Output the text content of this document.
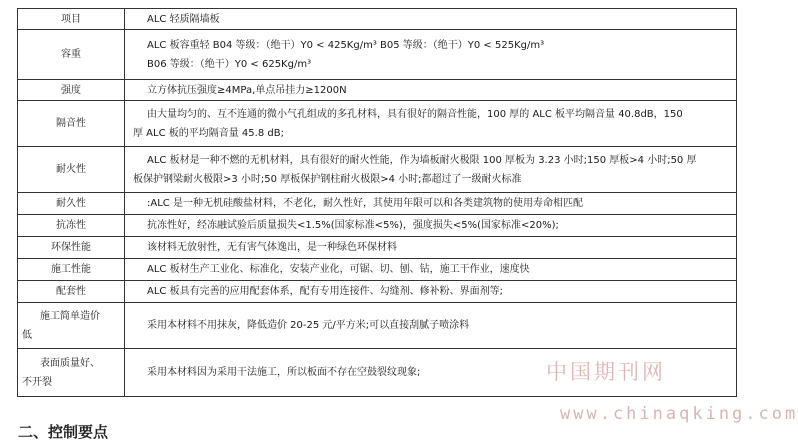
项目	ALC 轻质隔墙板
容重	ALC 板容重轻 B04 等级：（绝干）Y0 < 425Kg/m³ B05 等级：（绝干）Y0 < 525Kg/m³
B06 等级：（绝干）Y0 < 625Kg/m³

强度	立方体抗压强度≥4MPa,单点吊挂力≥1200N
隔音性	由大量均匀的、互不连通的微小气孔组成的多孔材料，具有很好的隔音性能，100 厚的 ALC 板平均隔音量 40.8dB，150
厚 ALC 板的平均隔音量 45.8 dB;

耐火性	ALC 板材是一种不燃的无机材料，具有很好的耐火性能，作为墙板耐火极限 100 厚板为 3.23 小时;150 厚板>4 小时;50 厚
板保护钢梁耐火极限>3 小时;50 厚板保护钢柱耐火极限>4 小时;都超过了一级耐火标准

耐久性	:ALC 是一种无机硅酸盐材料，不老化，耐久性好，其使用年限可以和各类建筑物的使用寿命相匹配
抗冻性	抗冻性好，经冻融试验后质量损失<1.5%(国家标准<5%)，强度损失<5%(国家标准<20%);
环保性能	该材料无放射性，无有害气体逸出，是一种绿色环保材料
施工性能	ALC 板材生产工业化、标准化，安装产业化，可锯、切、刨、钻，施工干作业，速度快
配套性	ALC 板具有完善的应用配套体系，配有专用连接件、勾缝剂、修补粉、界面剂等;

施工简单造价
低	采用本材料不用抹灰，降低造价 20-25 元/平方米;可以直接刮腻子喷涂料

表面质量好、
不开裂	采用本材料因为采用干法施工，所以板面不存在空鼓裂纹现象;	中国期刊网
www.chinaqking.com
二、控制要点
